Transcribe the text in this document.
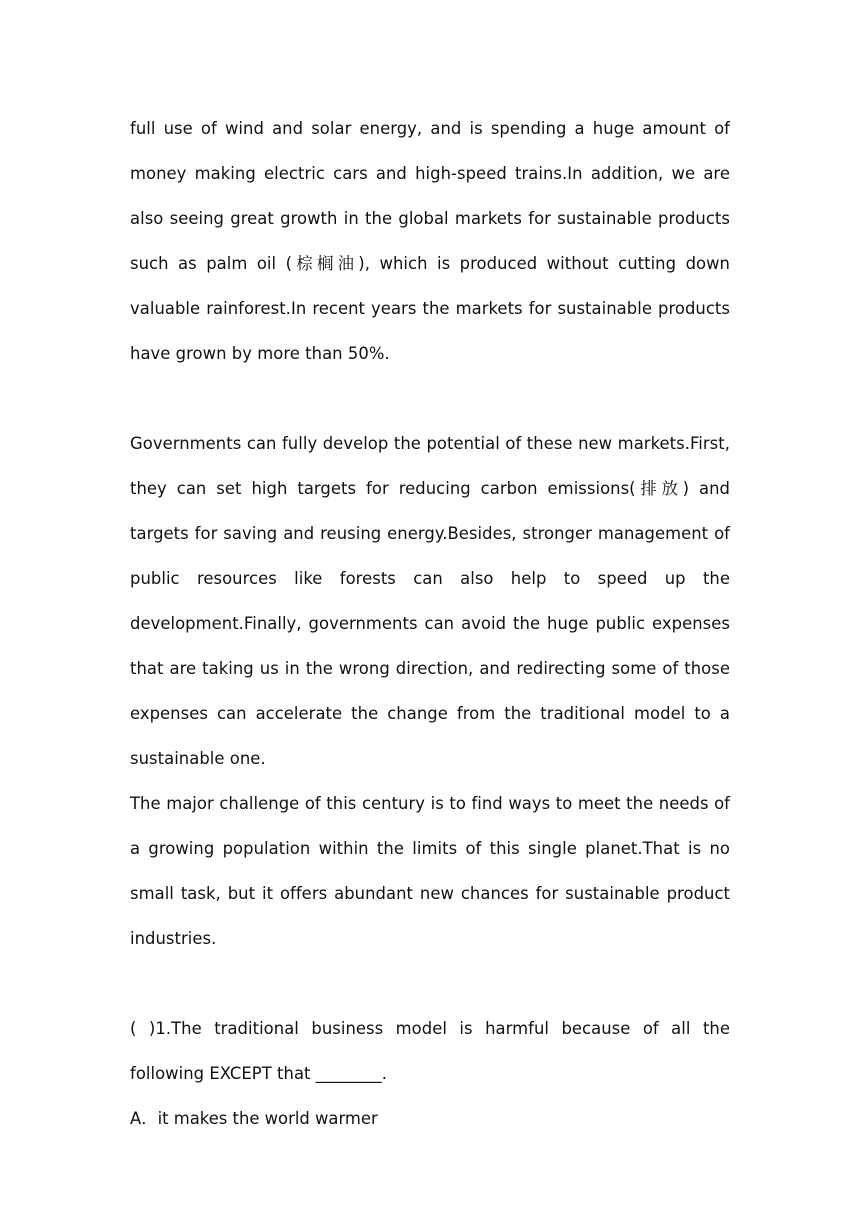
full use of wind and solar energy, and is spending a huge amount of money making electric cars and high-speed trains.In addition, we are also seeing great growth in the global markets for sustainable products such as palm oil (棕榈油), which is produced without cutting down valuable rainforest.In recent years the markets for sustainable products have grown by more than 50%.

Governments can fully develop the potential of these new markets.First, they can set high targets for reducing carbon emissions(排放) and targets for saving and reusing energy.Besides, stronger management of public resources like forests can also help to speed up the development.Finally, governments can avoid the huge public expenses that are taking us in the wrong direction, and redirecting some of those expenses can accelerate the change from the traditional model to a sustainable one.

The major challenge of this century is to find ways to meet the needs of a growing population within the limits of this single planet.That is no small task, but it offers abundant new chances for sustainable product industries.

( )1.The traditional business model is harmful because of all the following EXCEPT that ________.

A．it makes the world warmer
